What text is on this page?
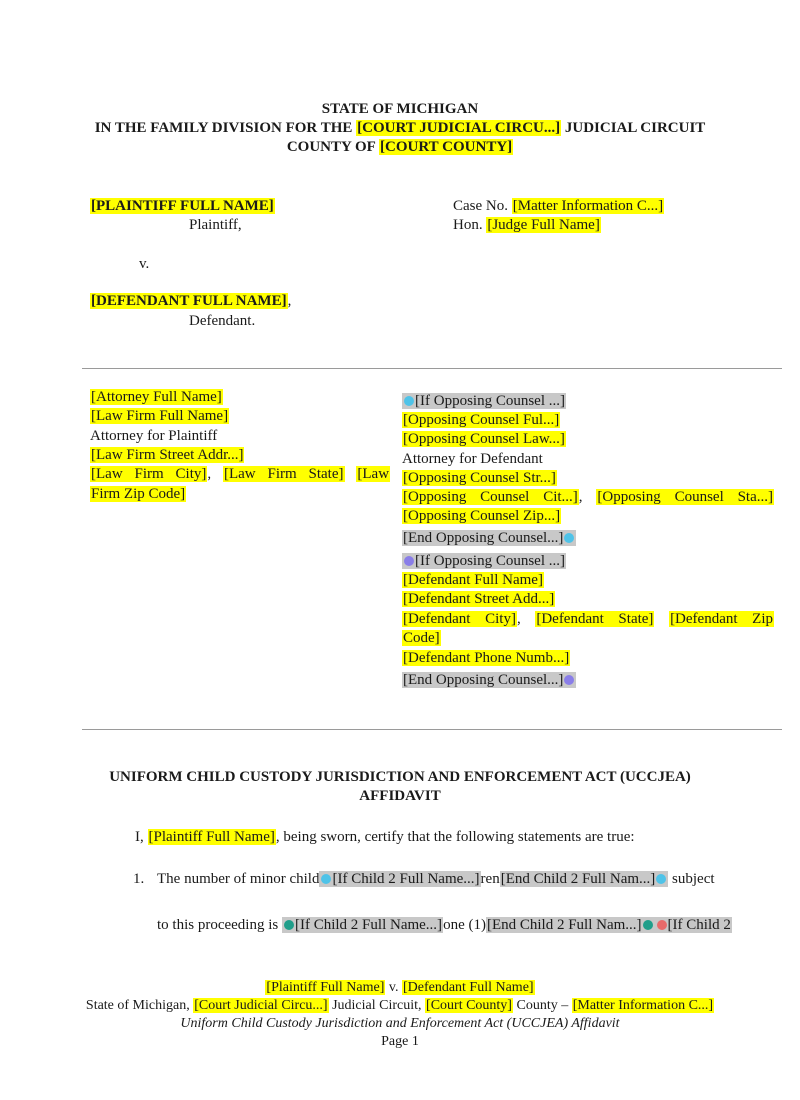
STATE OF MICHIGAN
IN THE FAMILY DIVISION FOR THE [COURT JUDICIAL CIRCU...] JUDICIAL CIRCUIT
COUNTY OF [COURT COUNTY]
[PLAINTIFF FULL NAME]
Plaintiff,
v.
[DEFENDANT FULL NAME],
Defendant.
Case No. [Matter Information C...]
Hon. [Judge Full Name]
[Attorney Full Name]
[Law Firm Full Name]
Attorney for Plaintiff
[Law Firm Street Addr...]
[Law Firm City], [Law Firm State] [Law
Firm Zip Code]
[If Opposing Counsel ...]
[Opposing Counsel Ful...]
[Opposing Counsel Law...]
Attorney for Defendant
[Opposing Counsel Str...]
[Opposing Counsel Cit...], [Opposing Counsel Sta...]
[Opposing Counsel Zip...]
[End Opposing Counsel...]
[If Opposing Counsel ...]
[Defendant Full Name]
[Defendant Street Add...]
[Defendant City], [Defendant State] [Defendant Zip
Code]
[Defendant Phone Numb...]
[End Opposing Counsel...]
UNIFORM CHILD CUSTODY JURISDICTION AND ENFORCEMENT ACT (UCCJEA)
AFFIDAVIT
I, [Plaintiff Full Name], being sworn, certify that the following statements are true:
1. The number of minor child [If Child 2 Full Name...]ren[End Child 2 Full Nam...] subject
to this proceeding is [If Child 2 Full Name...]one (1)[End Child 2 Full Nam...] [If Child 2
[Plaintiff Full Name] v. [Defendant Full Name]
State of Michigan, [Court Judicial Circu...] Judicial Circuit, [Court County] County – [Matter Information C...]
Uniform Child Custody Jurisdiction and Enforcement Act (UCCJEA) Affidavit
Page 1
